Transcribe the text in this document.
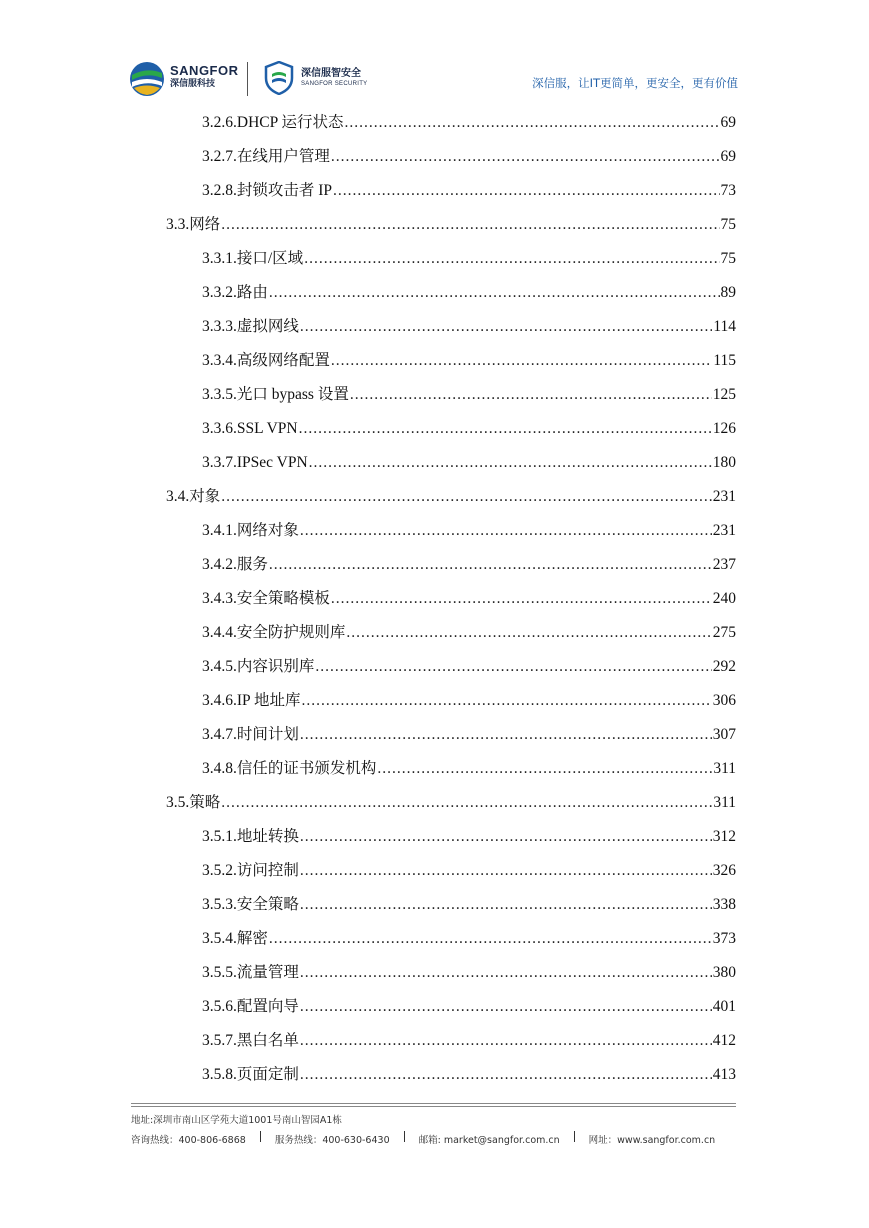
SANGFOR
深信服科技
深信服智安全
SANGFOR SECURITY	深信服，让IT更简单，更安全，更有价值
3.2.6. DHCP 运行状态 .....	69
3.2.7. 在线用户管理 .....	69
3.2.8. 封锁攻击者 IP .....	73
3.3. 网络 .....	75
3.3.1. 接口/区域 .....	75
3.3.2. 路由 .....	89
3.3.3. 虚拟网线 .....	114
3.3.4. 高级网络配置 .....	115
3.3.5. 光口 bypass 设置 .....	125
3.3.6. SSL VPN .....	126
3.3.7. IPSec VPN .....	180
3.4. 对象 .....	231
3.4.1. 网络对象 .....	231
3.4.2. 服务 .....	237
3.4.3. 安全策略模板 .....	240
3.4.4. 安全防护规则库 .....	275
3.4.5. 内容识别库 .....	292
3.4.6. IP 地址库 .....	306
3.4.7. 时间计划 .....	307
3.4.8. 信任的证书颁发机构 .....	311
3.5. 策略 .....	311
3.5.1. 地址转换 .....	312
3.5.2. 访问控制 .....	326
3.5.3. 安全策略 .....	338
3.5.4. 解密 .....	373
3.5.5. 流量管理 .....	380
3.5.6. 配置向导 .....	401
3.5.7. 黑白名单 .....	412
3.5.8. 页面定制 .....	413
地址:深圳市南山区学苑大道1001号南山智园A1栋
咨询热线：400-806-6868	服务热线：400-630-6430	邮箱: market@sangfor.com.cn	网址：www.sangfor.com.cn
